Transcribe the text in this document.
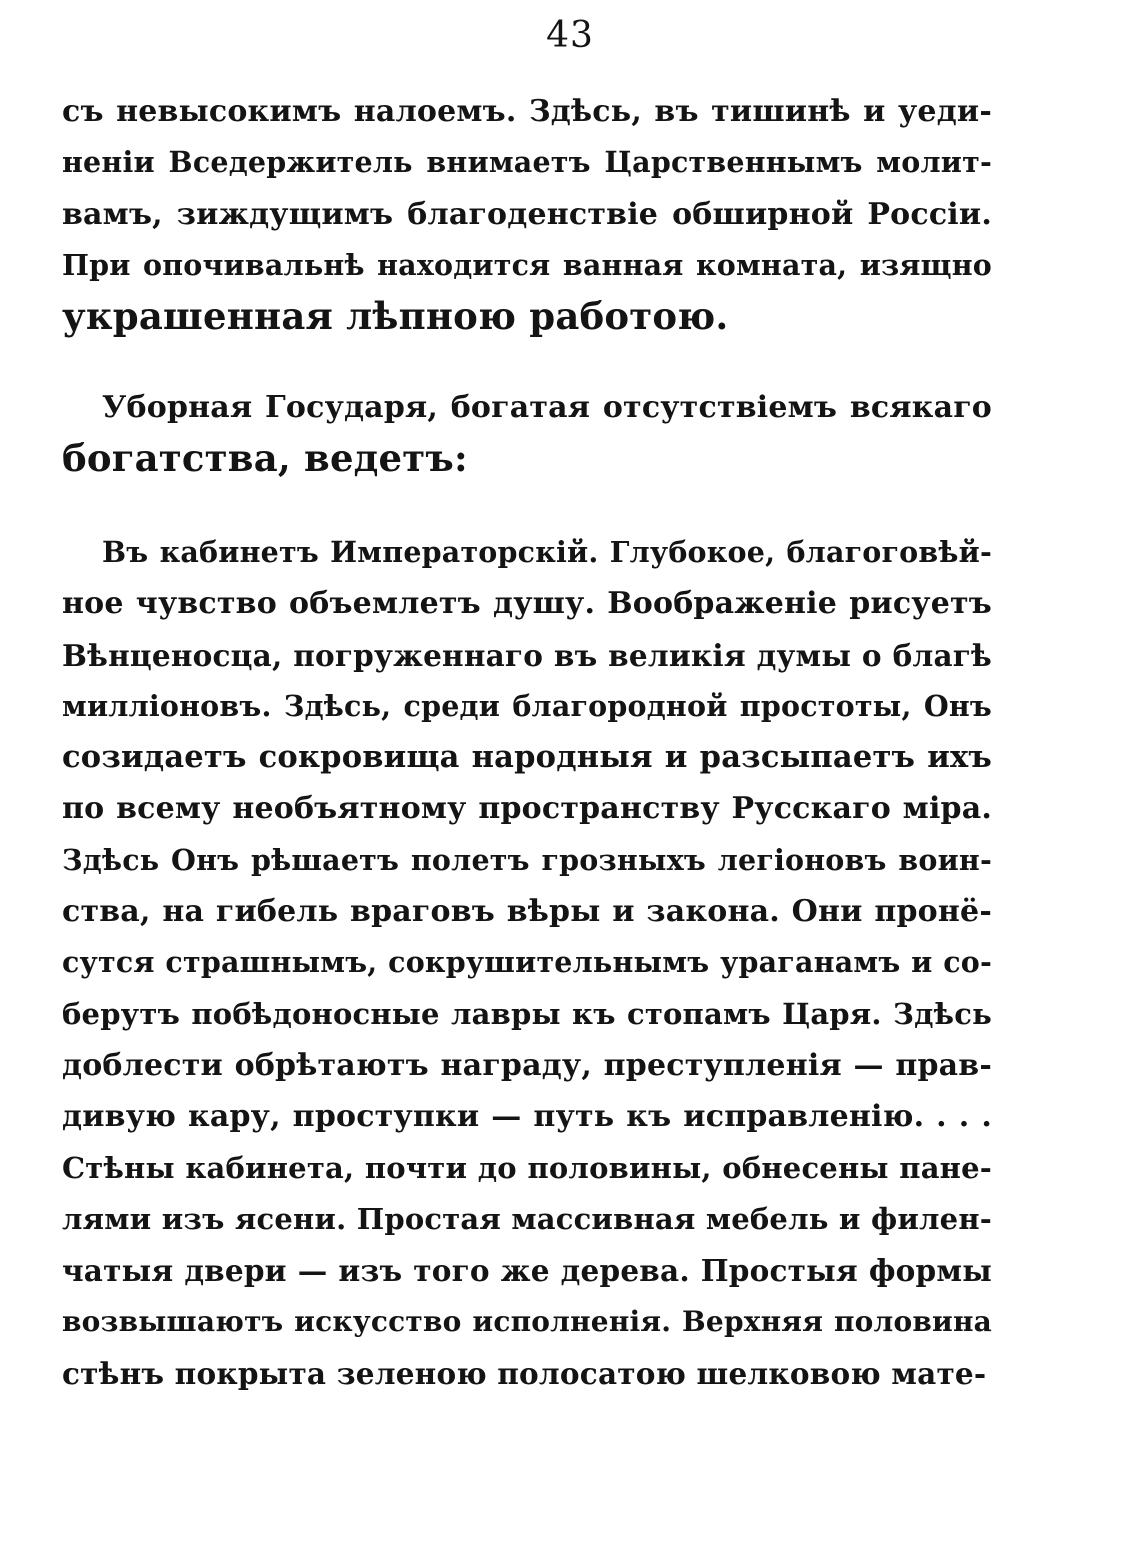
43
съ невысокимъ налоемъ. Здѣсь, въ тишинѣ и уеди-
неніи Вседержитель внимаетъ Царственнымъ молит-
вамъ, зиждущимъ благоденствіе обширной Россіи.
При опочивальнѣ находится ванная комната, изящно
украшенная лѣпною работою.
Уборная Государя, богатая отсутствіемъ всякаго
богатства, ведетъ:
Въ кабинетъ Императорскій. Глубокое, благоговѣй-
ное чувство объемлетъ душу. Воображеніе рисуетъ
Вѣнценосца, погруженнаго въ великія думы о благѣ
милліоновъ. Здѣсь, среди благородной простоты, Онъ
созидаетъ сокровища народныя и разсыпаетъ ихъ
по всему необъятному пространству Русскаго міра.
Здѣсь Онъ рѣшаетъ полетъ грозныхъ легіоновъ воин-
ства, на гибель враговъ вѣры и закона. Они пронё-
сутся страшнымъ, сокрушительнымъ ураганамъ и со-
берутъ побѣдоносные лавры къ стопамъ Царя. Здѣсь
доблести обрѣтаютъ награду, преступленія — прав-
дивую кару, проступки — путь къ исправленію. . . .
Стѣны кабинета, почти до половины, обнесены пане-
лями изъ ясени. Простая массивная мебель и филен-
чатыя двери — изъ того же дерева. Простыя формы
возвышаютъ искусство исполненія. Верхняя половина
стѣнъ покрыта зеленою полосатою шелковою мате-
